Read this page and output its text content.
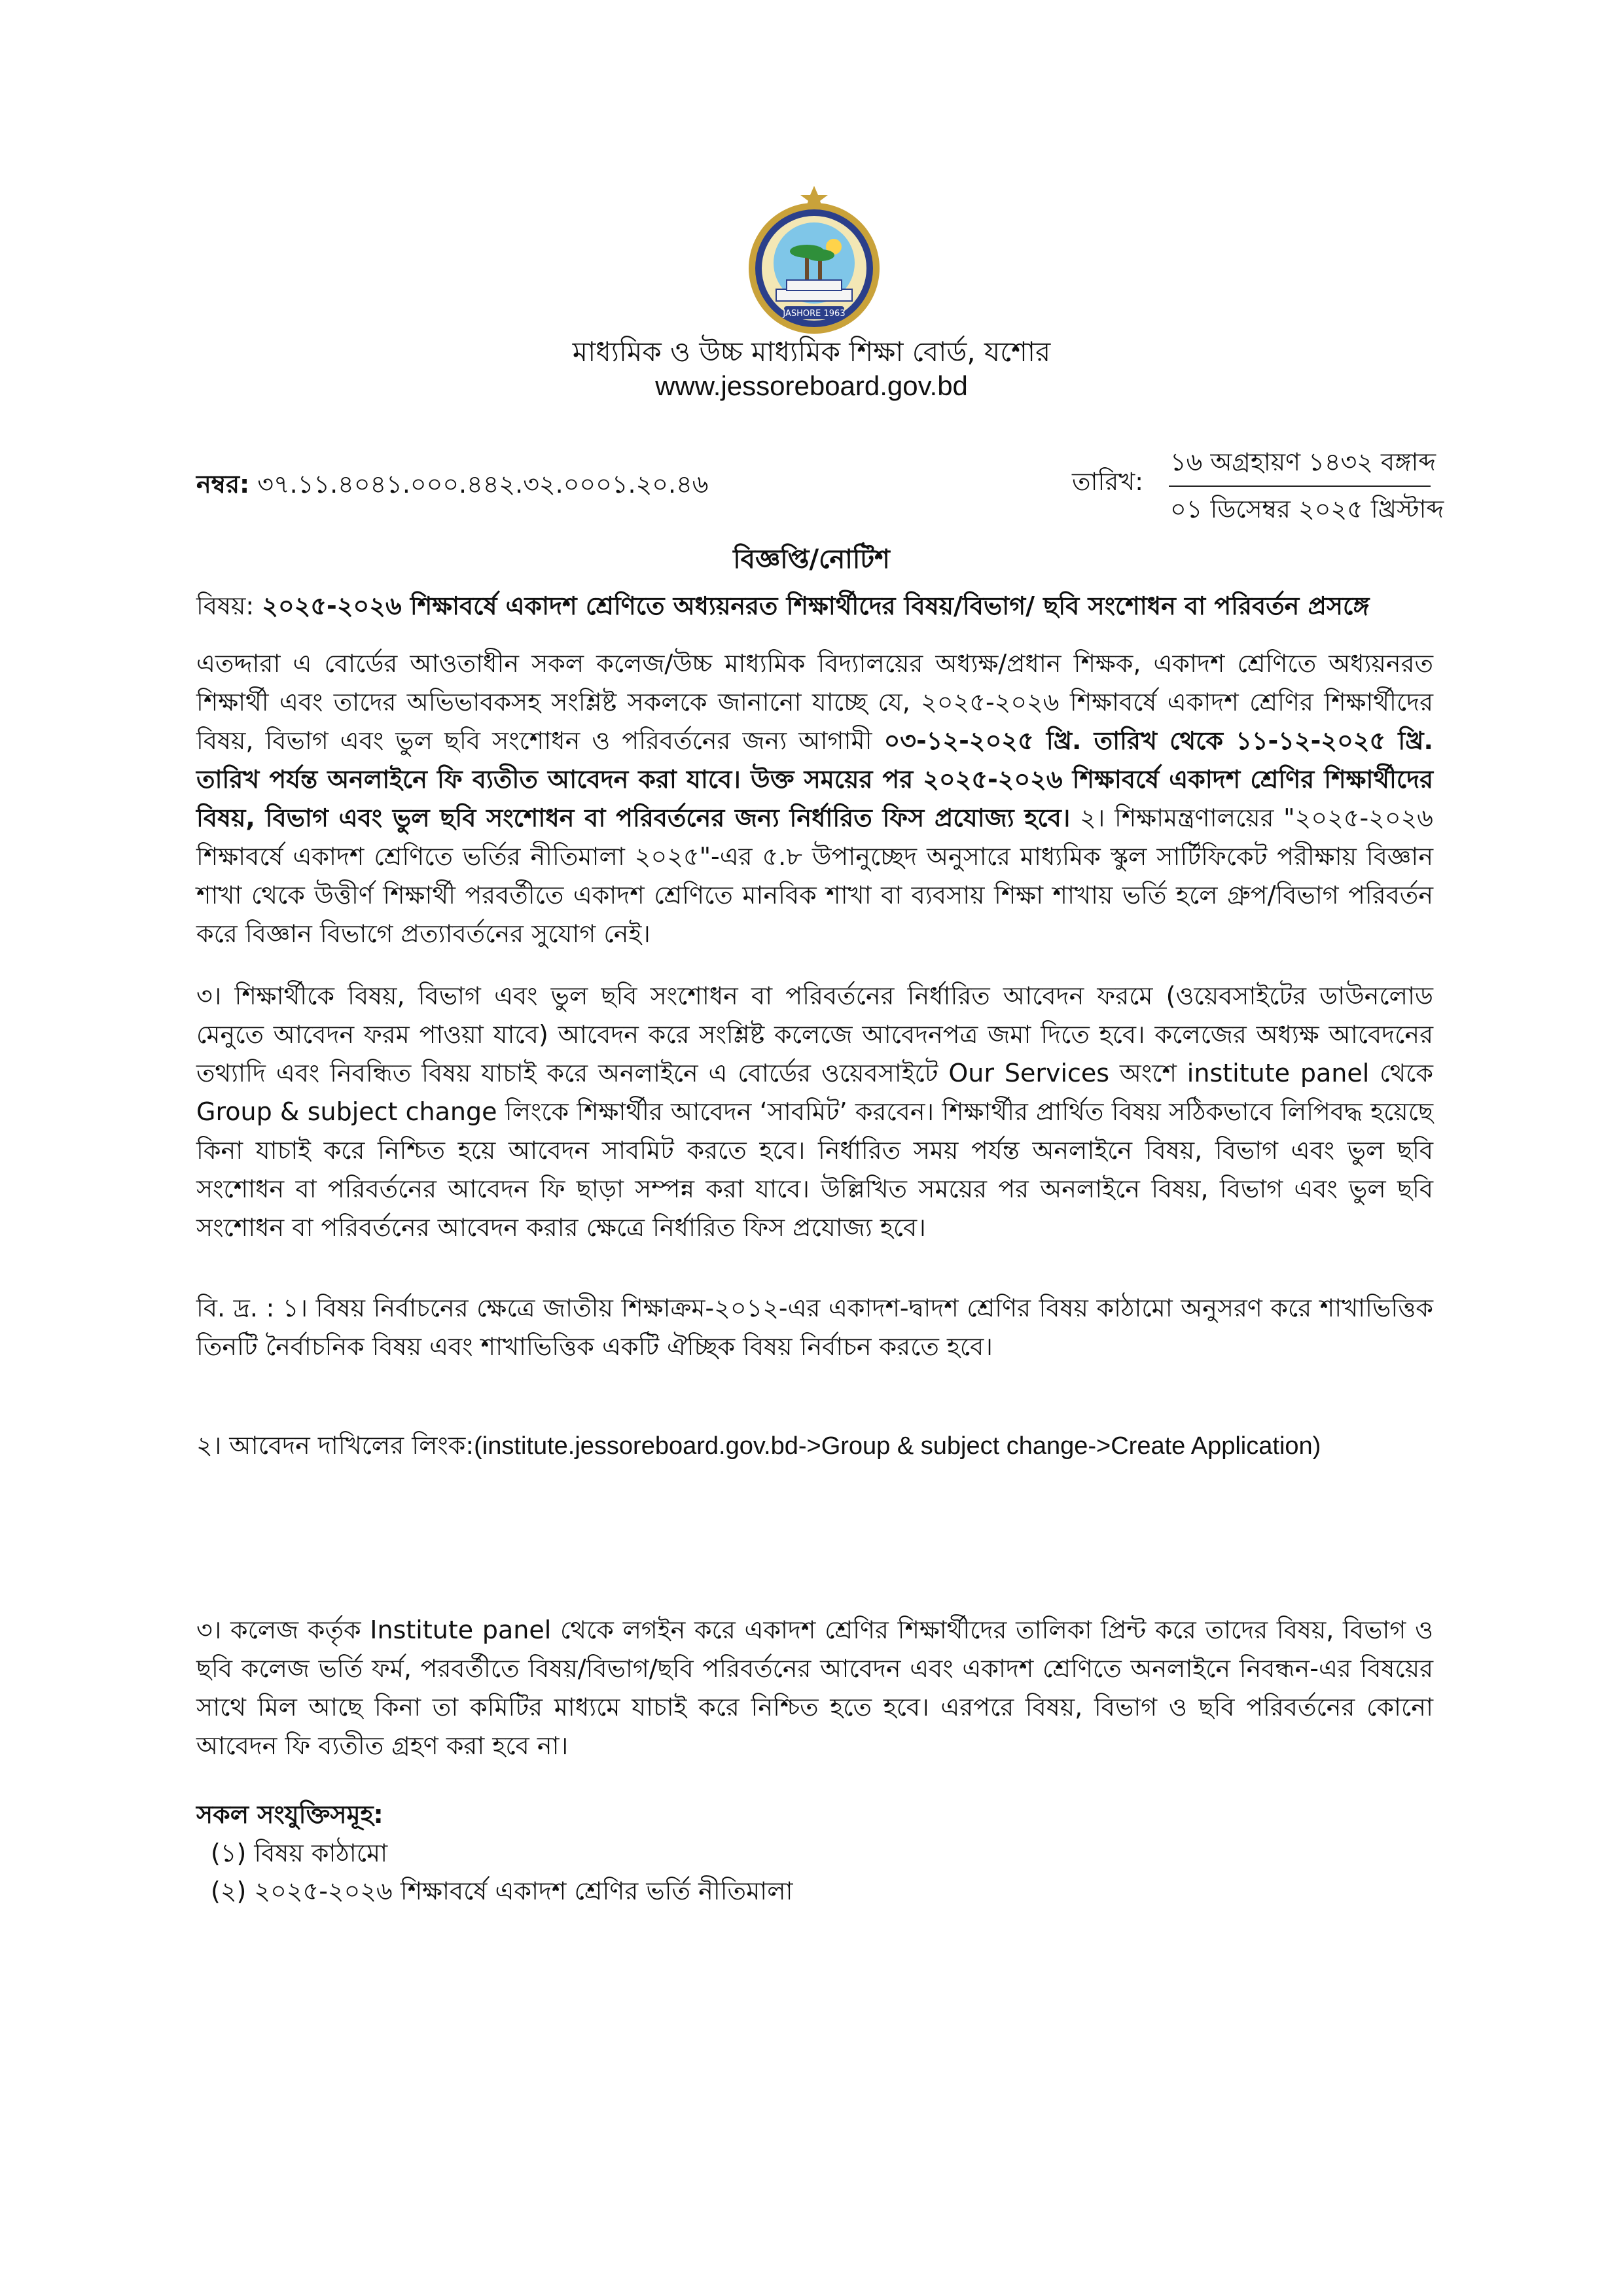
JASHORE 1963
মাধ্যমিক ও উচ্চ মাধ্যমিক শিক্ষা বোর্ড, যশোর
www.jessoreboard.gov.bd
নম্বর: ৩৭.১১.৪০৪১.০০০.৪৪২.৩২.০০০১.২০.৪৬	তারিখ:
১৬ অগ্রহায়ণ ১৪৩২ বঙ্গাব্দ
০১ ডিসেম্বর ২০২৫ খ্রিস্টাব্দ
বিজ্ঞপ্তি/নোটিশ
বিষয়: ২০২৫-২০২৬ শিক্ষাবর্ষে একাদশ শ্রেণিতে অধ্যয়নরত শিক্ষার্থীদের বিষয়/বিভাগ/ ছবি সংশোধন বা পরিবর্তন প্রসঙ্গে
এতদ্দারা এ বোর্ডের আওতাধীন সকল কলেজ/উচ্চ মাধ্যমিক বিদ্যালয়ের অধ্যক্ষ/প্রধান শিক্ষক, একাদশ শ্রেণিতে অধ্যয়নরত শিক্ষার্থী এবং তাদের অভিভাবকসহ সংশ্লিষ্ট সকলকে জানানো যাচ্ছে যে, ২০২৫-২০২৬ শিক্ষাবর্ষে একাদশ শ্রেণির শিক্ষার্থীদের বিষয়, বিভাগ এবং ভুল ছবি সংশোধন ও পরিবর্তনের জন্য আগামী ০৩-১২-২০২৫ খ্রি. তারিখ থেকে ১১-১২-২০২৫ খ্রি. তারিখ পর্যন্ত অনলাইনে ফি ব্যতীত আবেদন করা যাবে। উক্ত সময়ের পর ২০২৫-২০২৬ শিক্ষাবর্ষে একাদশ শ্রেণির শিক্ষার্থীদের বিষয়, বিভাগ এবং ভুল ছবি সংশোধন বা পরিবর্তনের জন্য নির্ধারিত ফিস প্রযোজ্য হবে। ২। শিক্ষামন্ত্রণালয়ের "২০২৫-২০২৬ শিক্ষাবর্ষে একাদশ শ্রেণিতে ভর্তির নীতিমালা ২০২৫"-এর ৫.৮ উপানুচ্ছেদ অনুসারে মাধ্যমিক স্কুল সার্টিফিকেট পরীক্ষায় বিজ্ঞান শাখা থেকে উত্তীর্ণ শিক্ষার্থী পরবর্তীতে একাদশ শ্রেণিতে মানবিক শাখা বা ব্যবসায় শিক্ষা শাখায় ভর্তি হলে গ্রুপ/বিভাগ পরিবর্তন করে বিজ্ঞান বিভাগে প্রত্যাবর্তনের সুযোগ নেই।
৩। শিক্ষার্থীকে বিষয়, বিভাগ এবং ভুল ছবি সংশোধন বা পরিবর্তনের নির্ধারিত আবেদন ফরমে (ওয়েবসাইটের ডাউনলোড মেনুতে আবেদন ফরম পাওয়া যাবে) আবেদন করে সংশ্লিষ্ট কলেজে আবেদনপত্র জমা দিতে হবে। কলেজের অধ্যক্ষ আবেদনের তথ্যাদি এবং নিবন্ধিত বিষয় যাচাই করে অনলাইনে এ বোর্ডের ওয়েবসাইটে Our Services অংশে institute panel থেকে Group & subject change লিংকে শিক্ষার্থীর আবেদন ‘সাবমিট’ করবেন। শিক্ষার্থীর প্রার্থিত বিষয় সঠিকভাবে লিপিবদ্ধ হয়েছে কিনা যাচাই করে নিশ্চিত হয়ে আবেদন সাবমিট করতে হবে। নির্ধারিত সময় পর্যন্ত অনলাইনে বিষয়, বিভাগ এবং ভুল ছবি সংশোধন বা পরিবর্তনের আবেদন ফি ছাড়া সম্পন্ন করা যাবে। উল্লিখিত সময়ের পর অনলাইনে বিষয়, বিভাগ এবং ভুল ছবি সংশোধন বা পরিবর্তনের আবেদন করার ক্ষেত্রে নির্ধারিত ফিস প্রযোজ্য হবে।
বি. দ্র. : ১। বিষয় নির্বাচনের ক্ষেত্রে জাতীয় শিক্ষাক্রম-২০১২-এর একাদশ-দ্বাদশ শ্রেণির বিষয় কাঠামো অনুসরণ করে শাখাভিত্তিক তিনটি নৈর্বাচনিক বিষয় এবং শাখাভিত্তিক একটি ঐচ্ছিক বিষয় নির্বাচন করতে হবে।
২। আবেদন দাখিলের লিংক:(institute.jessoreboard.gov.bd->Group & subject change->Create Application)
৩। কলেজ কর্তৃক Institute panel থেকে লগইন করে একাদশ শ্রেণির শিক্ষার্থীদের তালিকা প্রিন্ট করে তাদের বিষয়, বিভাগ ও ছবি কলেজ ভর্তি ফর্ম, পরবর্তীতে বিষয়/বিভাগ/ছবি পরিবর্তনের আবেদন এবং একাদশ শ্রেণিতে অনলাইনে নিবন্ধন-এর বিষয়ের সাথে মিল আছে কিনা তা কমিটির মাধ্যমে যাচাই করে নিশ্চিত হতে হবে। এরপরে বিষয়, বিভাগ ও ছবি পরিবর্তনের কোনো আবেদন ফি ব্যতীত গ্রহণ করা হবে না।
সকল সংযুক্তিসমূহ:
(১) বিষয় কাঠামো
(২) ২০২৫-২০২৬ শিক্ষাবর্ষে একাদশ শ্রেণির ভর্তি নীতিমালা
